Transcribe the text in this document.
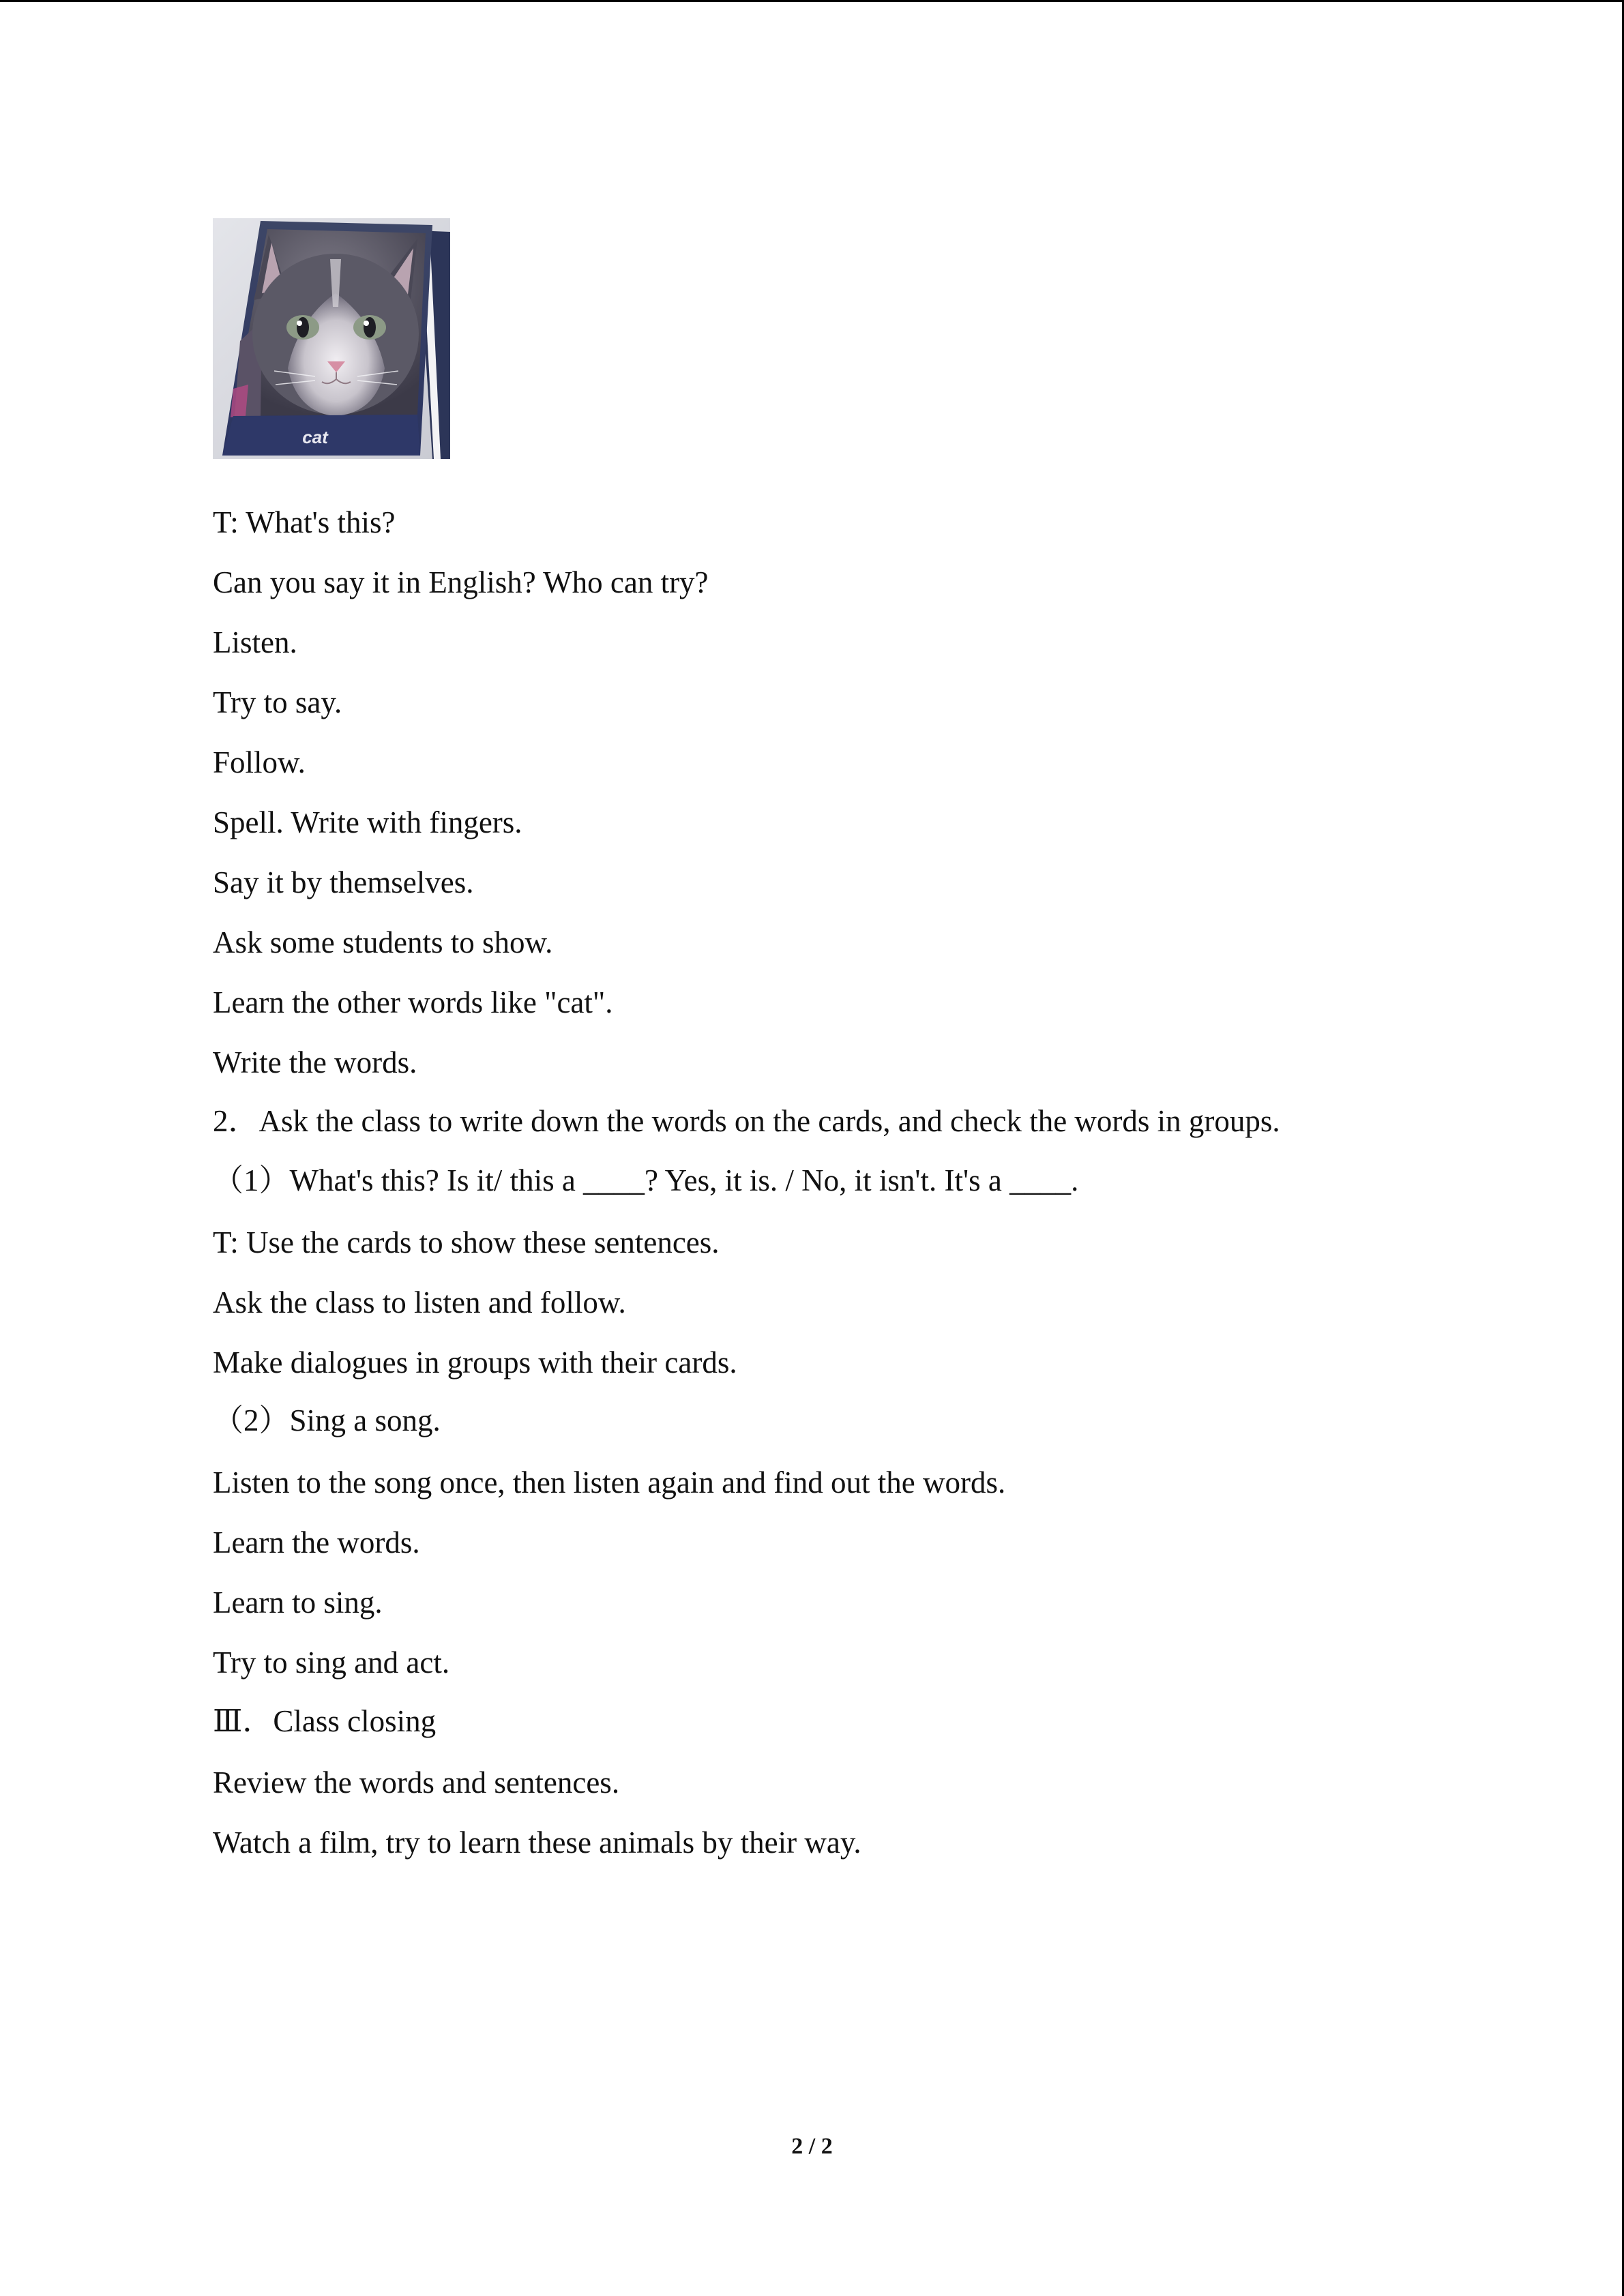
cat
T: What's this?
Can you say it in English? Who can try?
Listen.
Try to say.
Follow.
Spell. Write with fingers.
Say it by themselves.
Ask some students to show.
Learn the other words like "cat".
Write the words.
2．Ask the class to write down the words on the cards, and check the words in groups.
（1）What's this? Is it/ this a ____? Yes, it is. / No, it isn't. It's a ____.
T: Use the cards to show these sentences.
Ask the class to listen and follow.
Make dialogues in groups with their cards.
（2）Sing a song.
Listen to the song once, then listen again and find out the words.
Learn the words.
Learn to sing.
Try to sing and act.
Ⅲ．Class closing
Review the words and sentences.
Watch a film, try to learn these animals by their way.
2 / 2
